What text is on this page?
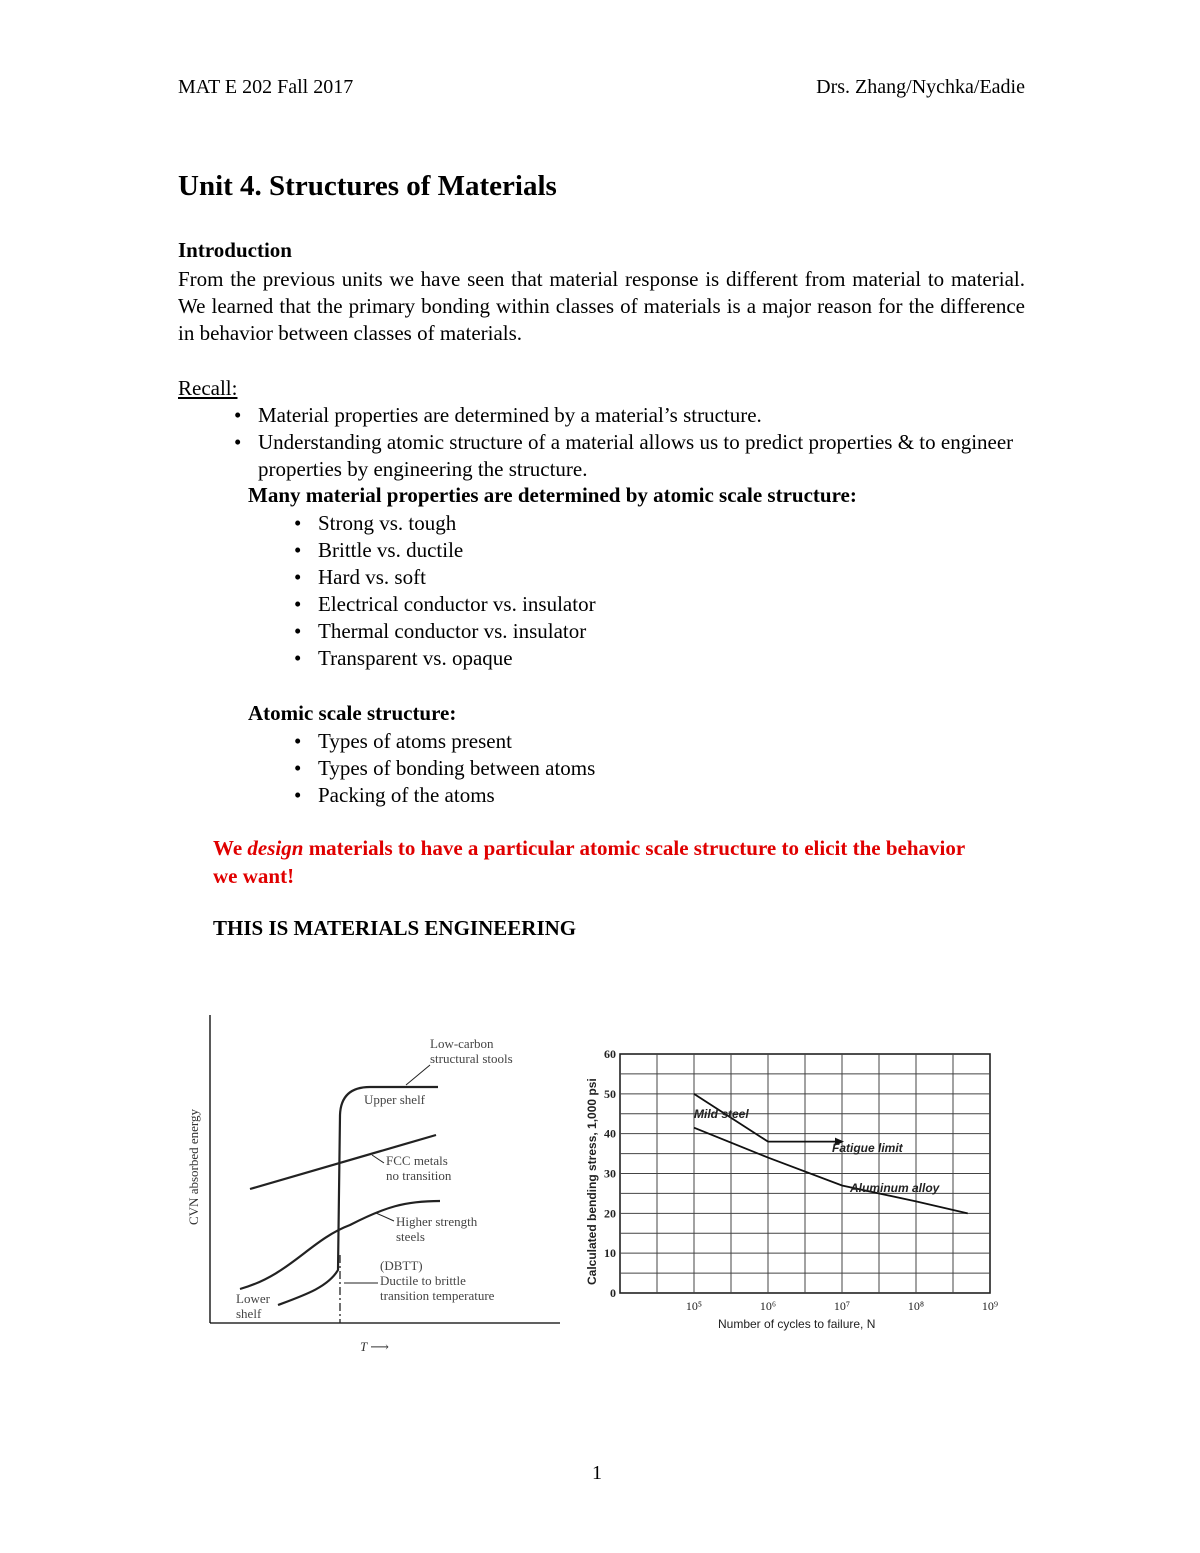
MAT E 202 Fall 2017	Drs. Zhang/Nychka/Eadie
Unit 4. Structures of Materials
Introduction
From the previous units we have seen that material response is different from material to material. We learned that the primary bonding within classes of materials is a major reason for the difference in behavior between classes of materials.
Recall:
• Material properties are determined by a material’s structure.
• Understanding atomic structure of a material allows us to predict properties & to engineer properties by engineering the structure.
Many material properties are determined by atomic scale structure:
• Strong vs. tough
• Brittle vs. ductile
• Hard vs. soft
• Electrical conductor vs. insulator
• Thermal conductor vs. insulator
• Transparent vs. opaque
Atomic scale structure:
• Types of atoms present
• Types of bonding between atoms
• Packing of the atoms
We design materials to have a particular atomic scale structure to elicit the behavior we want!
THIS IS MATERIALS ENGINEERING
CVN absorbed energy
T ⟶
Low-carbon
structural stools
Upper shelf
FCC metals
no transition
Higher strength
steels
(DBTT)
Ductile to brittle
transition temperature
Lower
shelf
0
10
20
30
40
50
60
10⁵	10⁶	10⁷	10⁸	10⁹
Number of cycles to failure, N
Calculated bending stress, 1,000 psi	Mild steel
Fatigue limit
Aluminum alloy
1
